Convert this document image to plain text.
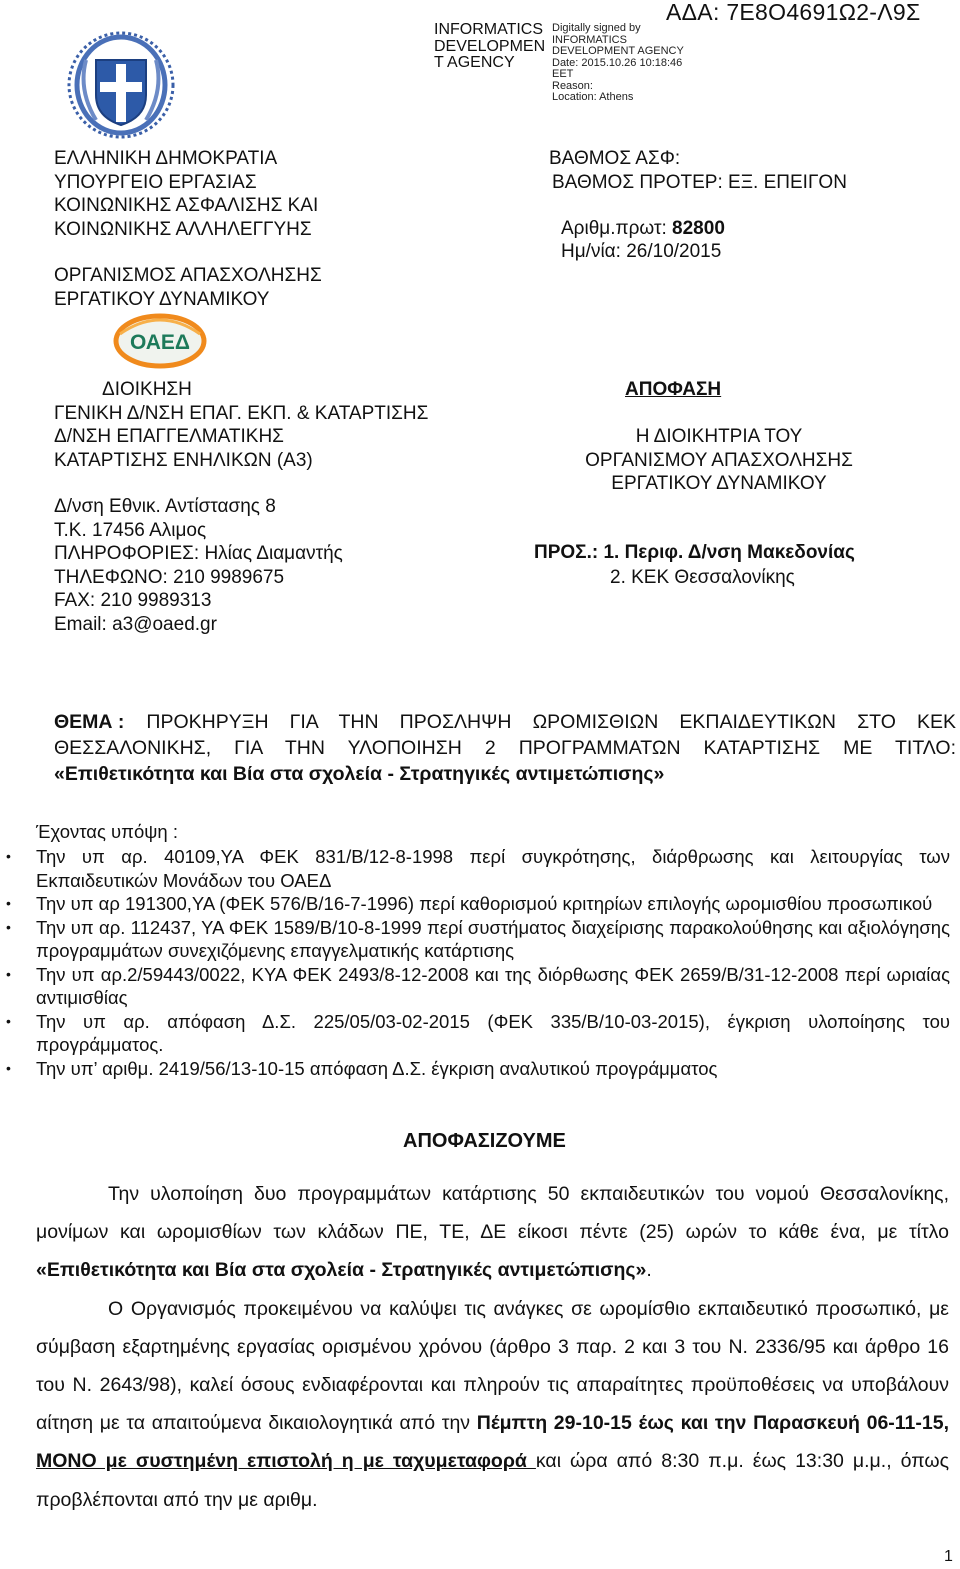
ΑΔΑ: 7Ε8Ο4691Ω2-Λ9Σ
INFORMATICS
DEVELOPMEN
T AGENCY
Digitally signed by
INFORMATICS
DEVELOPMENT AGENCY
Date: 2015.10.26 10:18:46
EET
Reason:
Location: Athens
ΕΛΛΗΝΙΚΗ ΔΗΜΟΚΡΑΤΙΑ
ΥΠΟΥΡΓΕΙΟ ΕΡΓΑΣΙΑΣ
ΚΟΙΝΩΝΙΚΗΣ ΑΣΦΑΛΙΣΗΣ ΚΑΙ
ΚΟΙΝΩΝΙΚΗΣ ΑΛΛΗΛΕΓΓΥΗΣ
ΟΡΓΑΝΙΣΜΟΣ ΑΠΑΣΧΟΛΗΣΗΣ
ΕΡΓΑΤΙΚΟΥ ΔΥΝΑΜΙΚΟΥ
ΒΑΘΜΟΣ ΑΣΦ:
ΒΑΘΜΟΣ ΠΡΟΤΕΡ: ΕΞ. ΕΠΕΙΓΟΝ
Αριθμ.πρωτ: 82800
Ημ/νία: 26/10/2015
ΟΑΕΔ
ΔΙΟΙΚΗΣΗ
ΓΕΝΙΚΗ Δ/ΝΣΗ ΕΠΑΓ. ΕΚΠ. & ΚΑΤΑΡΤΙΣΗΣ
Δ/ΝΣΗ ΕΠΑΓΓΕΛΜΑΤΙΚΗΣ
ΚΑΤΑΡΤΙΣΗΣ ΕΝΗΛΙΚΩΝ (Α3)
Δ/νση Εθνικ. Αντίστασης 8
Τ.Κ. 17456 Αλιμος
ΠΛΗΡΟΦΟΡΙΕΣ: Ηλίας Διαμαντής
ΤΗΛΕΦΩΝΟ: 210 9989675
FAX: 210 9989313
Email: a3@oaed.gr
ΑΠΟΦΑΣΗ
Η ΔΙΟΙΚΗΤΡΙΑ ΤΟΥ
ΟΡΓΑΝΙΣΜΟΥ ΑΠΑΣΧΟΛΗΣΗΣ
ΕΡΓΑΤΙΚΟΥ ΔΥΝΑΜΙΚΟΥ
ΠΡΟΣ.: 1. Περιφ. Δ/νση Μακεδονίας
2. ΚΕΚ Θεσσαλονίκης
ΘΕΜΑ : ΠΡΟΚΗΡΥΞΗ ΓΙΑ ΤΗΝ ΠΡΟΣΛΗΨΗ ΩΡΟΜΙΣΘΙΩΝ ΕΚΠΑΙΔΕΥΤΙΚΩΝ ΣΤΟ ΚΕΚ
ΘΕΣΣΑΛΟΝΙΚΗΣ, ΓΙΑ ΤΗΝ ΥΛΟΠΟΙΗΣΗ 2 ΠΡΟΓΡΑΜΜΑΤΩΝ ΚΑΤΑΡΤΙΣΗΣ ΜΕ ΤΙΤΛΟ:
«Επιθετικότητα και Βία στα σχολεία - Στρατηγικές αντιμετώπισης»
Έχοντας υπόψη :
•
Την υπ αρ. 40109,ΥΑ ΦΕΚ 831/Β/12-8-1998 περί συγκρότησης, διάρθρωσης και λειτουργίας των Εκπαιδευτικών Μονάδων του ΟΑΕΔ
•
Την υπ αρ 191300,ΥΑ (ΦΕΚ 576/Β/16-7-1996) περί καθορισμού κριτηρίων επιλογής ωρομισθίου προσωπικού
•
Την υπ αρ. 112437, ΥΑ ΦΕΚ 1589/Β/10-8-1999 περί συστήματος διαχείρισης παρακολούθησης και αξιολόγησης προγραμμάτων συνεχιζόμενης επαγγελματικής κατάρτισης
•
Την υπ αρ.2/59443/0022, ΚΥΑ ΦΕΚ 2493/8-12-2008 και της διόρθωσης ΦΕΚ 2659/Β/31-12-2008 περί ωριαίας αντιμισθίας
•
Την υπ αρ. απόφαση Δ.Σ. 225/05/03-02-2015 (ΦΕΚ 335/Β/10-03-2015), έγκριση υλοποίησης του προγράμματος.
•
Την υπ’ αριθμ. 2419/56/13-10-15 απόφαση Δ.Σ. έγκριση αναλυτικού προγράμματος
ΑΠΟΦΑΣΙΖΟΥΜΕ

Την υλοποίηση δυο προγραμμάτων κατάρτισης 50 εκπαιδευτικών του νομού Θεσσαλονίκης, μονίμων και ωρομισθίων των κλάδων ΠΕ, ΤΕ, ΔΕ είκοσι πέντε (25) ωρών το κάθε ένα, με τίτλο «Επιθετικότητα και Βία στα σχολεία - Στρατηγικές αντιμετώπισης».

Ο Οργανισμός προκειμένου να καλύψει τις ανάγκες σε ωρομίσθιο εκπαιδευτικό προσωπικό, με σύμβαση εξαρτημένης εργασίας ορισμένου χρόνου (άρθρο 3 παρ. 2 και 3 του Ν. 2336/95 και άρθρο 16 του Ν. 2643/98), καλεί όσους ενδιαφέρονται και πληρούν τις απαραίτητες προϋποθέσεις να υποβάλουν αίτηση με τα απαιτούμενα δικαιολογητικά από την Πέμπτη 29-10-15 έως και την Παρασκευή 06-11-15, ΜΟΝΟ με συστημένη επιστολή η με ταχυμεταφορά και ώρα από 8:30 π.μ. έως 13:30 μ.μ., όπως προβλέπονται από την με αριθμ.

1
